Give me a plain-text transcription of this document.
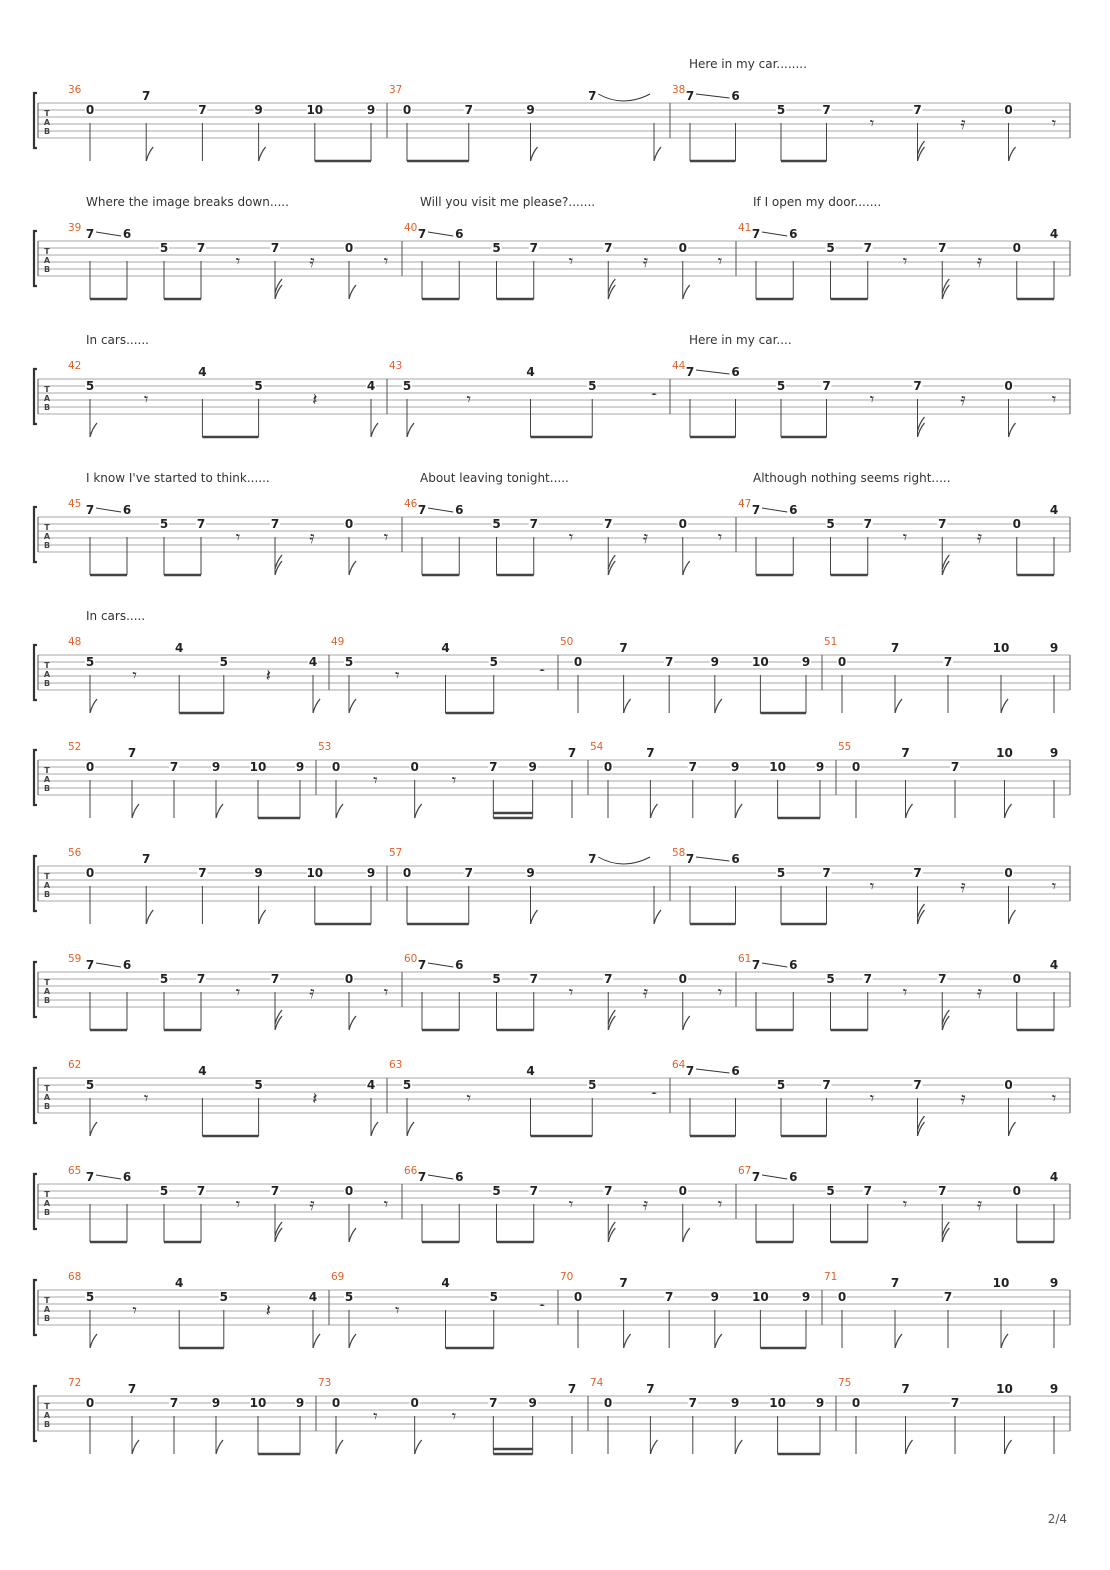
T
A
B
36
0
7
7	9	10	9
37
0	7	9
7	38 7	6
5	7
𝄾
7
𝄿
0
𝄾
T
A
B
39 7 6
5 7
𝄾
7
𝄿
0
𝄾
40 7 6
5 7
𝄾
7
𝄿
0
𝄾
41 7 6
5 7
𝄾
7
𝄿
0
4
T
A
B
42
5
𝄾
4
5
𝄽
4
43
5
𝄾
4
5
𝄼
44 7	6
5	7
𝄾
7
𝄿
0
𝄾
T
A
B
45 7 6
5 7
𝄾
7
𝄿
0
𝄾
46 7 6
5 7
𝄾
7
𝄿
0
𝄾
47 7 6
5 7
𝄾
7
𝄿
0
4
T
A
B
48
5
𝄾
4
5
𝄽
4
49
5
𝄾
4
5
𝄼
50
0
7
7	9	10	9
51
0
7
7
10	9
T
A
B
52
0
7
7	9 10 9
53
0
𝄾
0
𝄾
7	9
7 54
0
7
7	9 10 9
55
0
7
7
10	9
T
A
B
56
0
7
7	9	10	9
57
0	7	9
7	58 7	6
5	7
𝄾
7
𝄿
0
𝄾
T
A
B
59 7 6
5 7
𝄾
7
𝄿
0
𝄾
60 7 6
5 7
𝄾
7
𝄿
0
𝄾
61 7 6
5 7
𝄾
7
𝄿
0
4
T
A
B
62
5
𝄾
4
5
𝄽
4
63
5
𝄾
4
5
𝄼
64 7	6
5	7
𝄾
7
𝄿
0
𝄾
T
A
B
65 7 6
5 7
𝄾
7
𝄿
0
𝄾
66 7 6
5 7
𝄾
7
𝄿
0
𝄾
67 7 6
5 7
𝄾
7
𝄿
0
4
T
A
B
68
5
𝄾
4
5
𝄽
4
69
5
𝄾
4
5
𝄼
70
0
7
7	9	10	9
71
0
7
7
10	9
T
A
B
72
0
7
7	9 10 9
73
0
𝄾
0
𝄾
7	9
7 74
0
7
7	9 10 9
75
0
7
7
10	9
Here in my car........
Where the image breaks down.....	Will you visit me please?.......	If I open my door.......
In cars......	Here in my car....
I know I've started to think......	About leaving tonight.....	Although nothing seems right.....
In cars.....
2/4
